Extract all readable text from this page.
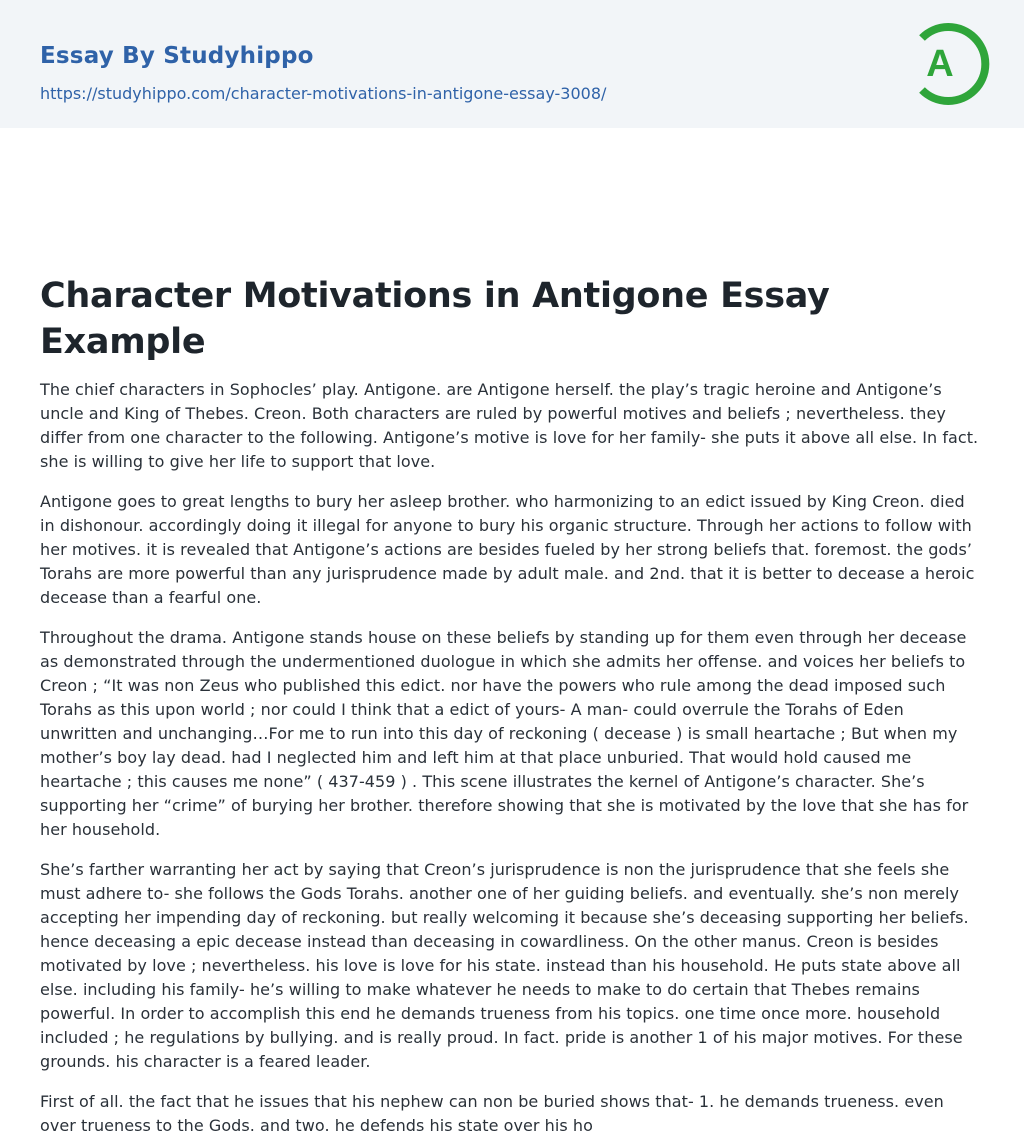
Essay By Studyhippo
https://studyhippo.com/character-motivations-in-antigone-essay-3008/
A
Character Motivations in Antigone Essay Example

The chief characters in Sophocles’ play. Antigone. are Antigone herself. the play’s tragic heroine and Antigone’s uncle and King of Thebes. Creon. Both characters are ruled by powerful motives and beliefs ; nevertheless. they differ from one character to the following. Antigone’s motive is love for her family- she puts it above all else. In fact. she is willing to give her life to support that love.

Antigone goes to great lengths to bury her asleep brother. who harmonizing to an edict issued by King Creon. died in dishonour. accordingly doing it illegal for anyone to bury his organic structure. Through her actions to follow with her motives. it is revealed that Antigone’s actions are besides fueled by her strong beliefs that. foremost. the gods’ Torahs are more powerful than any jurisprudence made by adult male. and 2nd. that it is better to decease a heroic decease than a fearful one.

Throughout the drama. Antigone stands house on these beliefs by standing up for them even through her decease as demonstrated through the undermentioned duologue in which she admits her offense. and voices her beliefs to Creon ; “It was non Zeus who published this edict. nor have the powers who rule among the dead imposed such Torahs as this upon world ; nor could I think that a edict of yours- A man- could overrule the Torahs of Eden unwritten and unchanging…For me to run into this day of reckoning ( decease ) is small heartache ; But when my mother’s boy lay dead. had I neglected him and left him at that place unburied. That would hold caused me heartache ; this causes me none” ( 437-459 ) . This scene illustrates the kernel of Antigone’s character. She’s supporting her “crime” of burying her brother. therefore showing that she is motivated by the love that she has for her household.

She’s farther warranting her act by saying that Creon’s jurisprudence is non the jurisprudence that she feels she must adhere to- she follows the Gods Torahs. another one of her guiding beliefs. and eventually. she’s non merely accepting her impending day of reckoning. but really welcoming it because she’s deceasing supporting her beliefs. hence deceasing a epic decease instead than deceasing in cowardliness. On the other manus. Creon is besides motivated by love ; nevertheless. his love is love for his state. instead than his household. He puts state above all else. including his family- he’s willing to make whatever he needs to make to do certain that Thebes remains powerful. In order to accomplish this end he demands trueness from his topics. one time once more. household included ; he regulations by bullying. and is really proud. In fact. pride is another 1 of his major motives. For these grounds. his character is a feared leader.

First of all. the fact that he issues that his nephew can non be buried shows that- 1. he demands trueness. even over trueness to the Gods. and two. he defends his state over his ho
